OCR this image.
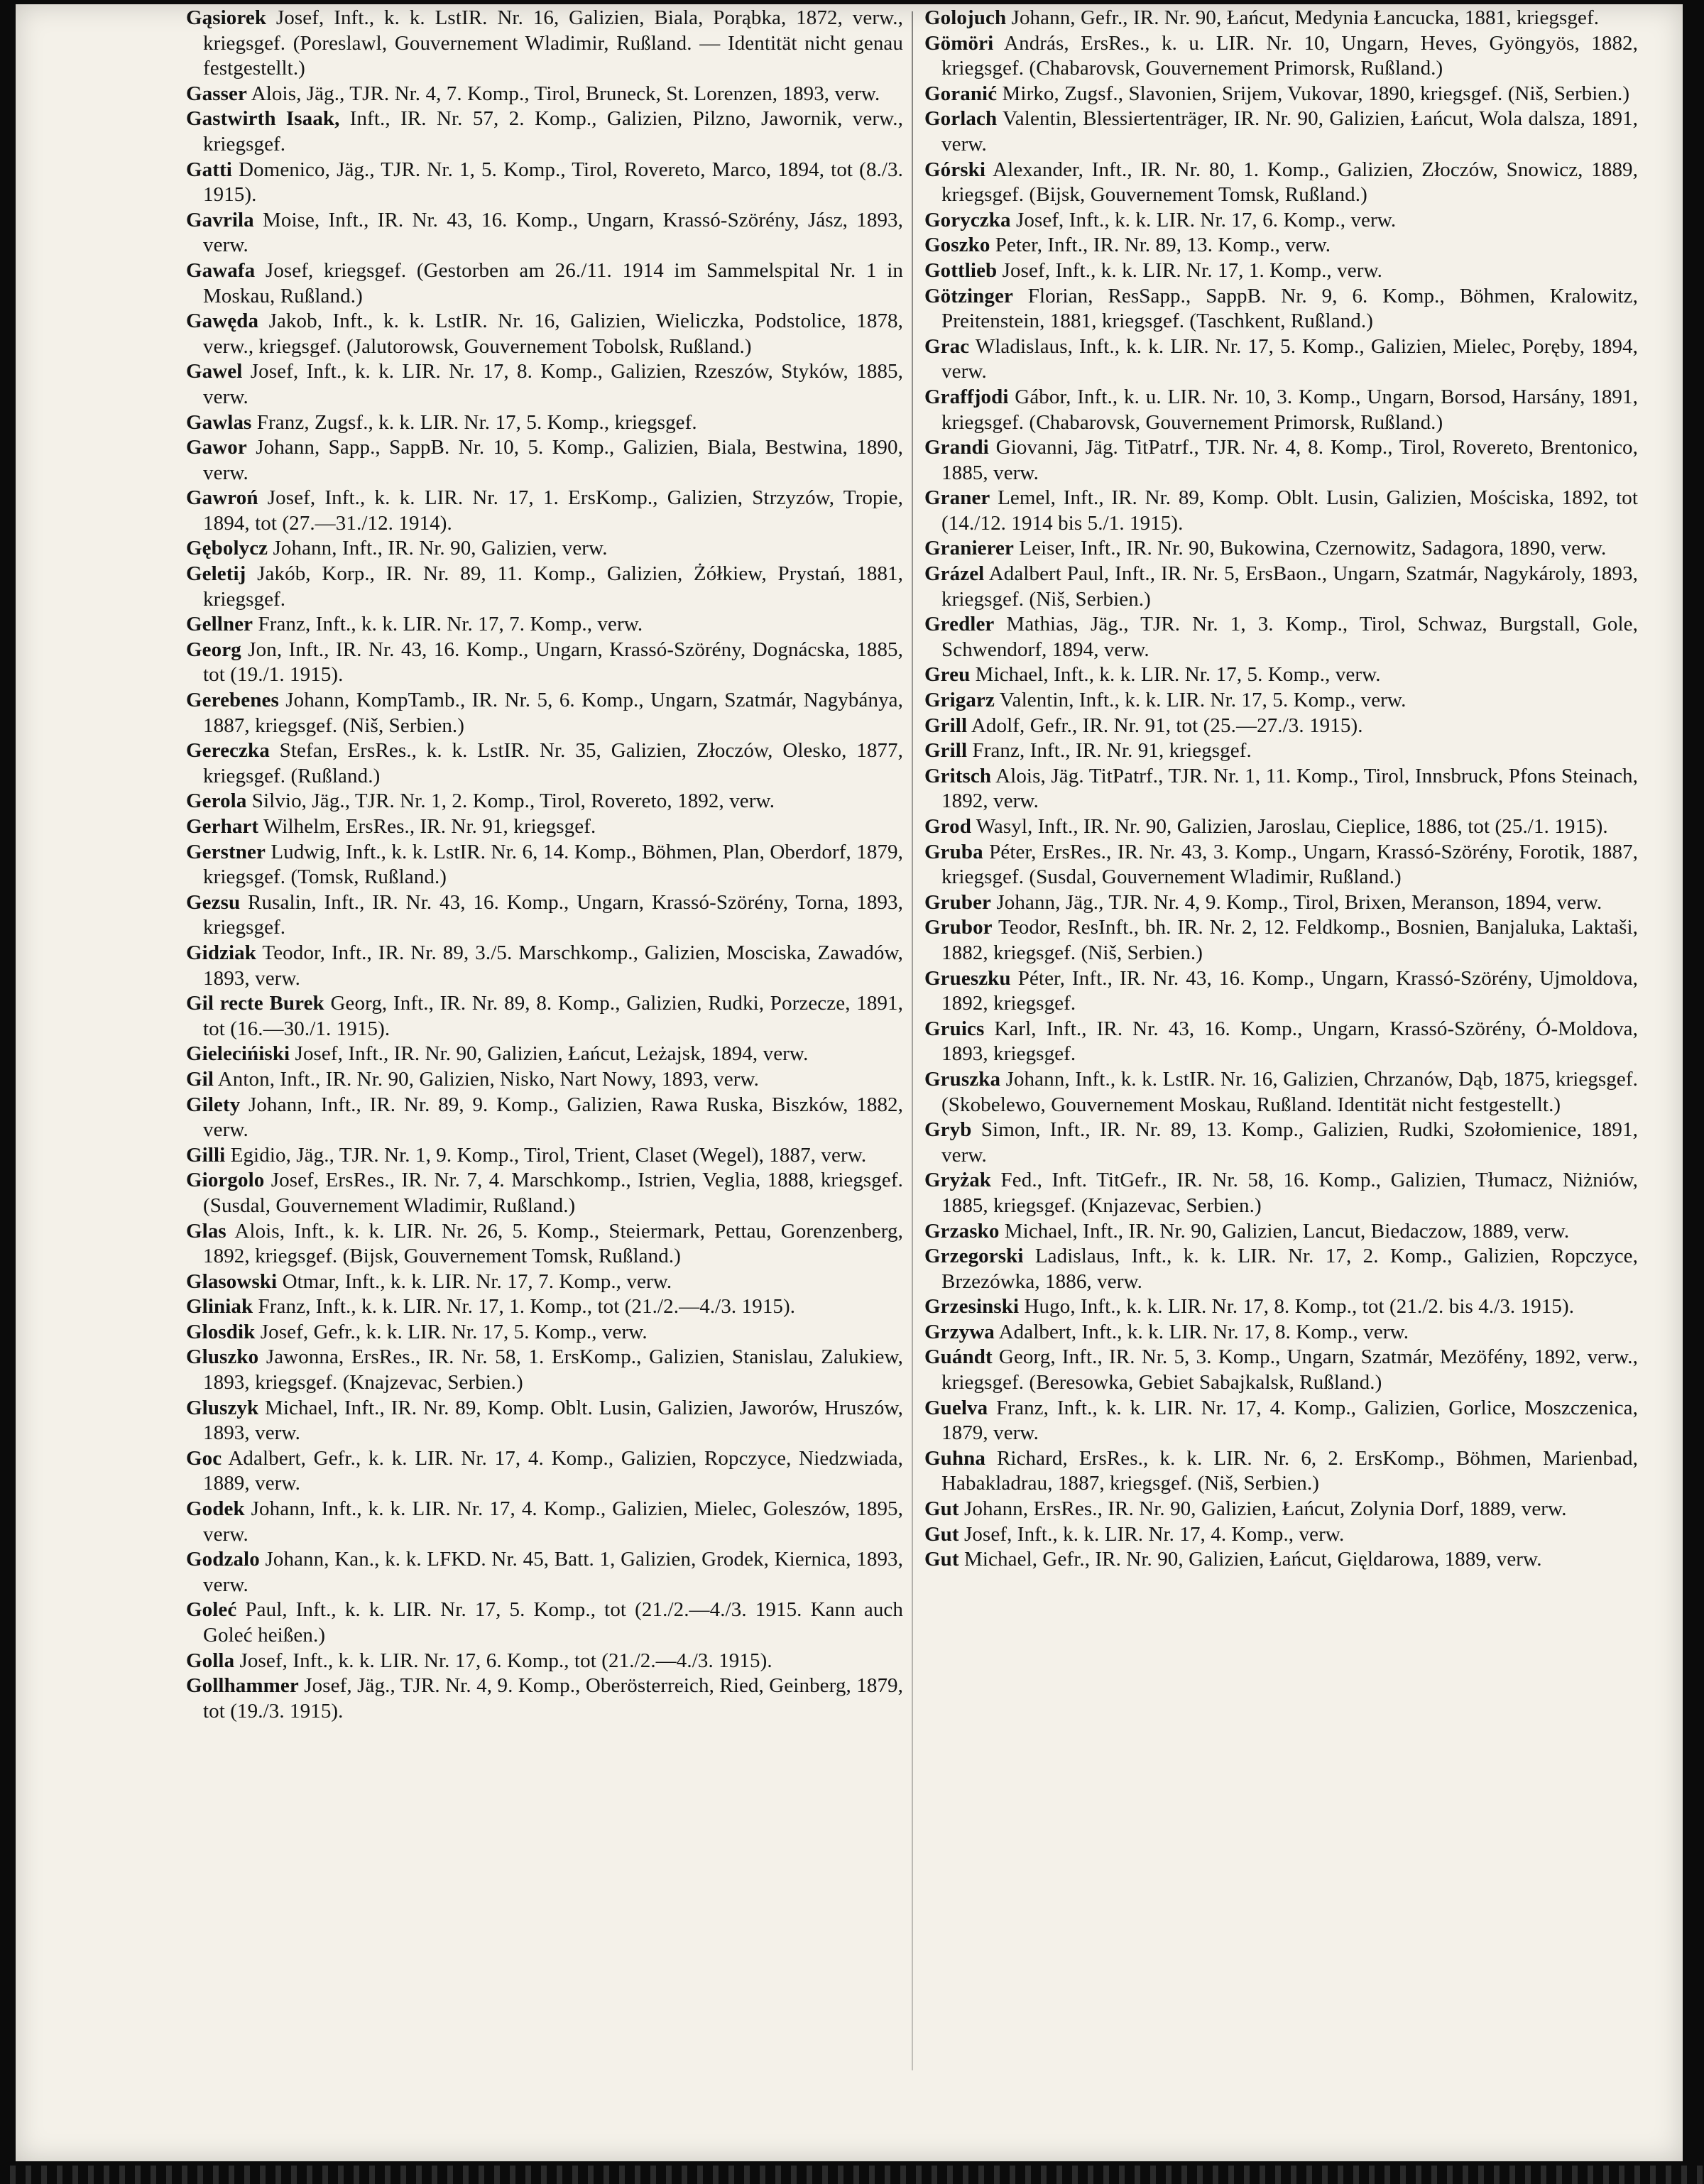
Gąsiorek Josef, Inft., k. k. LstIR. Nr. 16, Galizien, Biala, Porąbka, 1872, verw., kriegsgef. (Poreslawl, Gouvernement Wladimir, Rußland. — Identität nicht genau festgestellt.)

Gasser Alois, Jäg., TJR. Nr. 4, 7. Komp., Tirol, Bruneck, St. Lorenzen, 1893, verw.

Gastwirth Isaak, Inft., IR. Nr. 57, 2. Komp., Galizien, Pilzno, Jawornik, verw., kriegsgef.

Gatti Domenico, Jäg., TJR. Nr. 1, 5. Komp., Tirol, Rovereto, Marco, 1894, tot (8./3. 1915).

Gavrila Moise, Inft., IR. Nr. 43, 16. Komp., Ungarn, Krassó-Szörény, Jász, 1893, verw.

Gawafa Josef, kriegsgef. (Gestorben am 26./11. 1914 im Sammelspital Nr. 1 in Moskau, Rußland.)

Gawęda Jakob, Inft., k. k. LstIR. Nr. 16, Galizien, Wieliczka, Podstolice, 1878, verw., kriegsgef. (Jalutorowsk, Gouvernement Tobolsk, Rußland.)

Gawel Josef, Inft., k. k. LIR. Nr. 17, 8. Komp., Galizien, Rzeszów, Styków, 1885, verw.

Gawlas Franz, Zugsf., k. k. LIR. Nr. 17, 5. Komp., kriegsgef.

Gawor Johann, Sapp., SappB. Nr. 10, 5. Komp., Galizien, Biala, Bestwina, 1890, verw.

Gawroń Josef, Inft., k. k. LIR. Nr. 17, 1. ErsKomp., Galizien, Strzyzów, Tropie, 1894, tot (27.—31./12. 1914).

Gębolycz Johann, Inft., IR. Nr. 90, Galizien, verw.

Geletij Jakób, Korp., IR. Nr. 89, 11. Komp., Galizien, Żółkiew, Prystań, 1881, kriegsgef.

Gellner Franz, Inft., k. k. LIR. Nr. 17, 7. Komp., verw.

Georg Jon, Inft., IR. Nr. 43, 16. Komp., Ungarn, Krassó-Szörény, Dognácska, 1885, tot (19./1. 1915).

Gerebenes Johann, KompTamb., IR. Nr. 5, 6. Komp., Ungarn, Szatmár, Nagybánya, 1887, kriegsgef. (Niš, Serbien.)

Gereczka Stefan, ErsRes., k. k. LstIR. Nr. 35, Galizien, Złoczów, Olesko, 1877, kriegsgef. (Rußland.)

Gerola Silvio, Jäg., TJR. Nr. 1, 2. Komp., Tirol, Rovereto, 1892, verw.

Gerhart Wilhelm, ErsRes., IR. Nr. 91, kriegsgef.

Gerstner Ludwig, Inft., k. k. LstIR. Nr. 6, 14. Komp., Böhmen, Plan, Oberdorf, 1879, kriegsgef. (Tomsk, Rußland.)

Gezsu Rusalin, Inft., IR. Nr. 43, 16. Komp., Ungarn, Krassó-Szörény, Torna, 1893, kriegsgef.

Gidziak Teodor, Inft., IR. Nr. 89, 3./5. Marschkomp., Galizien, Mosciska, Zawadów, 1893, verw.

Gil recte Burek Georg, Inft., IR. Nr. 89, 8. Komp., Galizien, Rudki, Porzecze, 1891, tot (16.—30./1. 1915).

Gielecińiski Josef, Inft., IR. Nr. 90, Galizien, Łańcut, Leżajsk, 1894, verw.

Gil Anton, Inft., IR. Nr. 90, Galizien, Nisko, Nart Nowy, 1893, verw.

Gilety Johann, Inft., IR. Nr. 89, 9. Komp., Galizien, Rawa Ruska, Biszków, 1882, verw.

Gilli Egidio, Jäg., TJR. Nr. 1, 9. Komp., Tirol, Trient, Claset (Wegel), 1887, verw.

Giorgolo Josef, ErsRes., IR. Nr. 7, 4. Marschkomp., Istrien, Veglia, 1888, kriegsgef. (Susdal, Gouvernement Wladimir, Rußland.)

Glas Alois, Inft., k. k. LIR. Nr. 26, 5. Komp., Steiermark, Pettau, Gorenzenberg, 1892, kriegsgef. (Bijsk, Gouvernement Tomsk, Rußland.)

Glasowski Otmar, Inft., k. k. LIR. Nr. 17, 7. Komp., verw.

Gliniak Franz, Inft., k. k. LIR. Nr. 17, 1. Komp., tot (21./2.—4./3. 1915).

Glosdik Josef, Gefr., k. k. LIR. Nr. 17, 5. Komp., verw.

Gluszko Jawonna, ErsRes., IR. Nr. 58, 1. ErsKomp., Galizien, Stanislau, Zalukiew, 1893, kriegsgef. (Knajzevac, Serbien.)

Gluszyk Michael, Inft., IR. Nr. 89, Komp. Oblt. Lusin, Galizien, Jaworów, Hruszów, 1893, verw.

Goc Adalbert, Gefr., k. k. LIR. Nr. 17, 4. Komp., Galizien, Ropczyce, Niedzwiada, 1889, verw.

Godek Johann, Inft., k. k. LIR. Nr. 17, 4. Komp., Galizien, Mielec, Goleszów, 1895, verw.

Godzalo Johann, Kan., k. k. LFKD. Nr. 45, Batt. 1, Galizien, Grodek, Kiernica, 1893, verw.

Goleć Paul, Inft., k. k. LIR. Nr. 17, 5. Komp., tot (21./2.—4./3. 1915. Kann auch Goleć heißen.)

Golla Josef, Inft., k. k. LIR. Nr. 17, 6. Komp., tot (21./2.—4./3. 1915).

Gollhammer Josef, Jäg., TJR. Nr. 4, 9. Komp., Oberösterreich, Ried, Geinberg, 1879, tot (19./3. 1915).

Golojuch Johann, Gefr., IR. Nr. 90, Łańcut, Medynia Łancucka, 1881, kriegsgef.

Gömöri András, ErsRes., k. u. LIR. Nr. 10, Ungarn, Heves, Gyöngyös, 1882, kriegsgef. (Chabarovsk, Gouvernement Primorsk, Rußland.)

Goranić Mirko, Zugsf., Slavonien, Srijem, Vukovar, 1890, kriegsgef. (Niš, Serbien.)

Gorlach Valentin, Blessiertenträger, IR. Nr. 90, Galizien, Łańcut, Wola dalsza, 1891, verw.

Górski Alexander, Inft., IR. Nr. 80, 1. Komp., Galizien, Złoczów, Snowicz, 1889, kriegsgef. (Bijsk, Gouvernement Tomsk, Rußland.)

Goryczka Josef, Inft., k. k. LIR. Nr. 17, 6. Komp., verw.

Goszko Peter, Inft., IR. Nr. 89, 13. Komp., verw.

Gottlieb Josef, Inft., k. k. LIR. Nr. 17, 1. Komp., verw.

Götzinger Florian, ResSapp., SappB. Nr. 9, 6. Komp., Böhmen, Kralowitz, Preitenstein, 1881, kriegsgef. (Taschkent, Rußland.)

Grac Wladislaus, Inft., k. k. LIR. Nr. 17, 5. Komp., Galizien, Mielec, Poręby, 1894, verw.

Graffjodi Gábor, Inft., k. u. LIR. Nr. 10, 3. Komp., Ungarn, Borsod, Harsány, 1891, kriegsgef. (Chabarovsk, Gouvernement Primorsk, Rußland.)

Grandi Giovanni, Jäg. TitPatrf., TJR. Nr. 4, 8. Komp., Tirol, Rovereto, Brentonico, 1885, verw.

Graner Lemel, Inft., IR. Nr. 89, Komp. Oblt. Lusin, Galizien, Mościska, 1892, tot (14./12. 1914 bis 5./1. 1915).

Granierer Leiser, Inft., IR. Nr. 90, Bukowina, Czernowitz, Sadagora, 1890, verw.

Grázel Adalbert Paul, Inft., IR. Nr. 5, ErsBaon., Ungarn, Szatmár, Nagykároly, 1893, kriegsgef. (Niš, Serbien.)

Gredler Mathias, Jäg., TJR. Nr. 1, 3. Komp., Tirol, Schwaz, Burgstall, Gole, Schwendorf, 1894, verw.

Greu Michael, Inft., k. k. LIR. Nr. 17, 5. Komp., verw.

Grigarz Valentin, Inft., k. k. LIR. Nr. 17, 5. Komp., verw.

Grill Adolf, Gefr., IR. Nr. 91, tot (25.—27./3. 1915).

Grill Franz, Inft., IR. Nr. 91, kriegsgef.

Gritsch Alois, Jäg. TitPatrf., TJR. Nr. 1, 11. Komp., Tirol, Innsbruck, Pfons Steinach, 1892, verw.

Grod Wasyl, Inft., IR. Nr. 90, Galizien, Jaroslau, Cieplice, 1886, tot (25./1. 1915).

Gruba Péter, ErsRes., IR. Nr. 43, 3. Komp., Ungarn, Krassó-Szörény, Forotik, 1887, kriegsgef. (Susdal, Gouvernement Wladimir, Rußland.)

Gruber Johann, Jäg., TJR. Nr. 4, 9. Komp., Tirol, Brixen, Meranson, 1894, verw.

Grubor Teodor, ResInft., bh. IR. Nr. 2, 12. Feldkomp., Bosnien, Banjaluka, Laktaši, 1882, kriegsgef. (Niš, Serbien.)

Grueszku Péter, Inft., IR. Nr. 43, 16. Komp., Ungarn, Krassó-Szörény, Ujmoldova, 1892, kriegsgef.

Gruics Karl, Inft., IR. Nr. 43, 16. Komp., Ungarn, Krassó-Szörény, Ó-Moldova, 1893, kriegsgef.

Gruszka Johann, Inft., k. k. LstIR. Nr. 16, Galizien, Chrzanów, Dąb, 1875, kriegsgef. (Skobelewo, Gouvernement Moskau, Rußland. Identität nicht festgestellt.)

Gryb Simon, Inft., IR. Nr. 89, 13. Komp., Galizien, Rudki, Szołomienice, 1891, verw.

Gryżak Fed., Inft. TitGefr., IR. Nr. 58, 16. Komp., Galizien, Tłumacz, Niżniów, 1885, kriegsgef. (Knjazevac, Serbien.)

Grzasko Michael, Inft., IR. Nr. 90, Galizien, Lancut, Biedaczow, 1889, verw.

Grzegorski Ladislaus, Inft., k. k. LIR. Nr. 17, 2. Komp., Galizien, Ropczyce, Brzezówka, 1886, verw.

Grzesinski Hugo, Inft., k. k. LIR. Nr. 17, 8. Komp., tot (21./2. bis 4./3. 1915).

Grzywa Adalbert, Inft., k. k. LIR. Nr. 17, 8. Komp., verw.

Guándt Georg, Inft., IR. Nr. 5, 3. Komp., Ungarn, Szatmár, Mezöfény, 1892, verw., kriegsgef. (Beresowka, Gebiet Sabajkalsk, Rußland.)

Guelva Franz, Inft., k. k. LIR. Nr. 17, 4. Komp., Galizien, Gorlice, Moszczenica, 1879, verw.

Guhna Richard, ErsRes., k. k. LIR. Nr. 6, 2. ErsKomp., Böhmen, Marienbad, Habakladrau, 1887, kriegsgef. (Niš, Serbien.)

Gut Johann, ErsRes., IR. Nr. 90, Galizien, Łańcut, Zolynia Dorf, 1889, verw.

Gut Josef, Inft., k. k. LIR. Nr. 17, 4. Komp., verw.

Gut Michael, Gefr., IR. Nr. 90, Galizien, Łańcut, Gięldarowa, 1889, verw.
